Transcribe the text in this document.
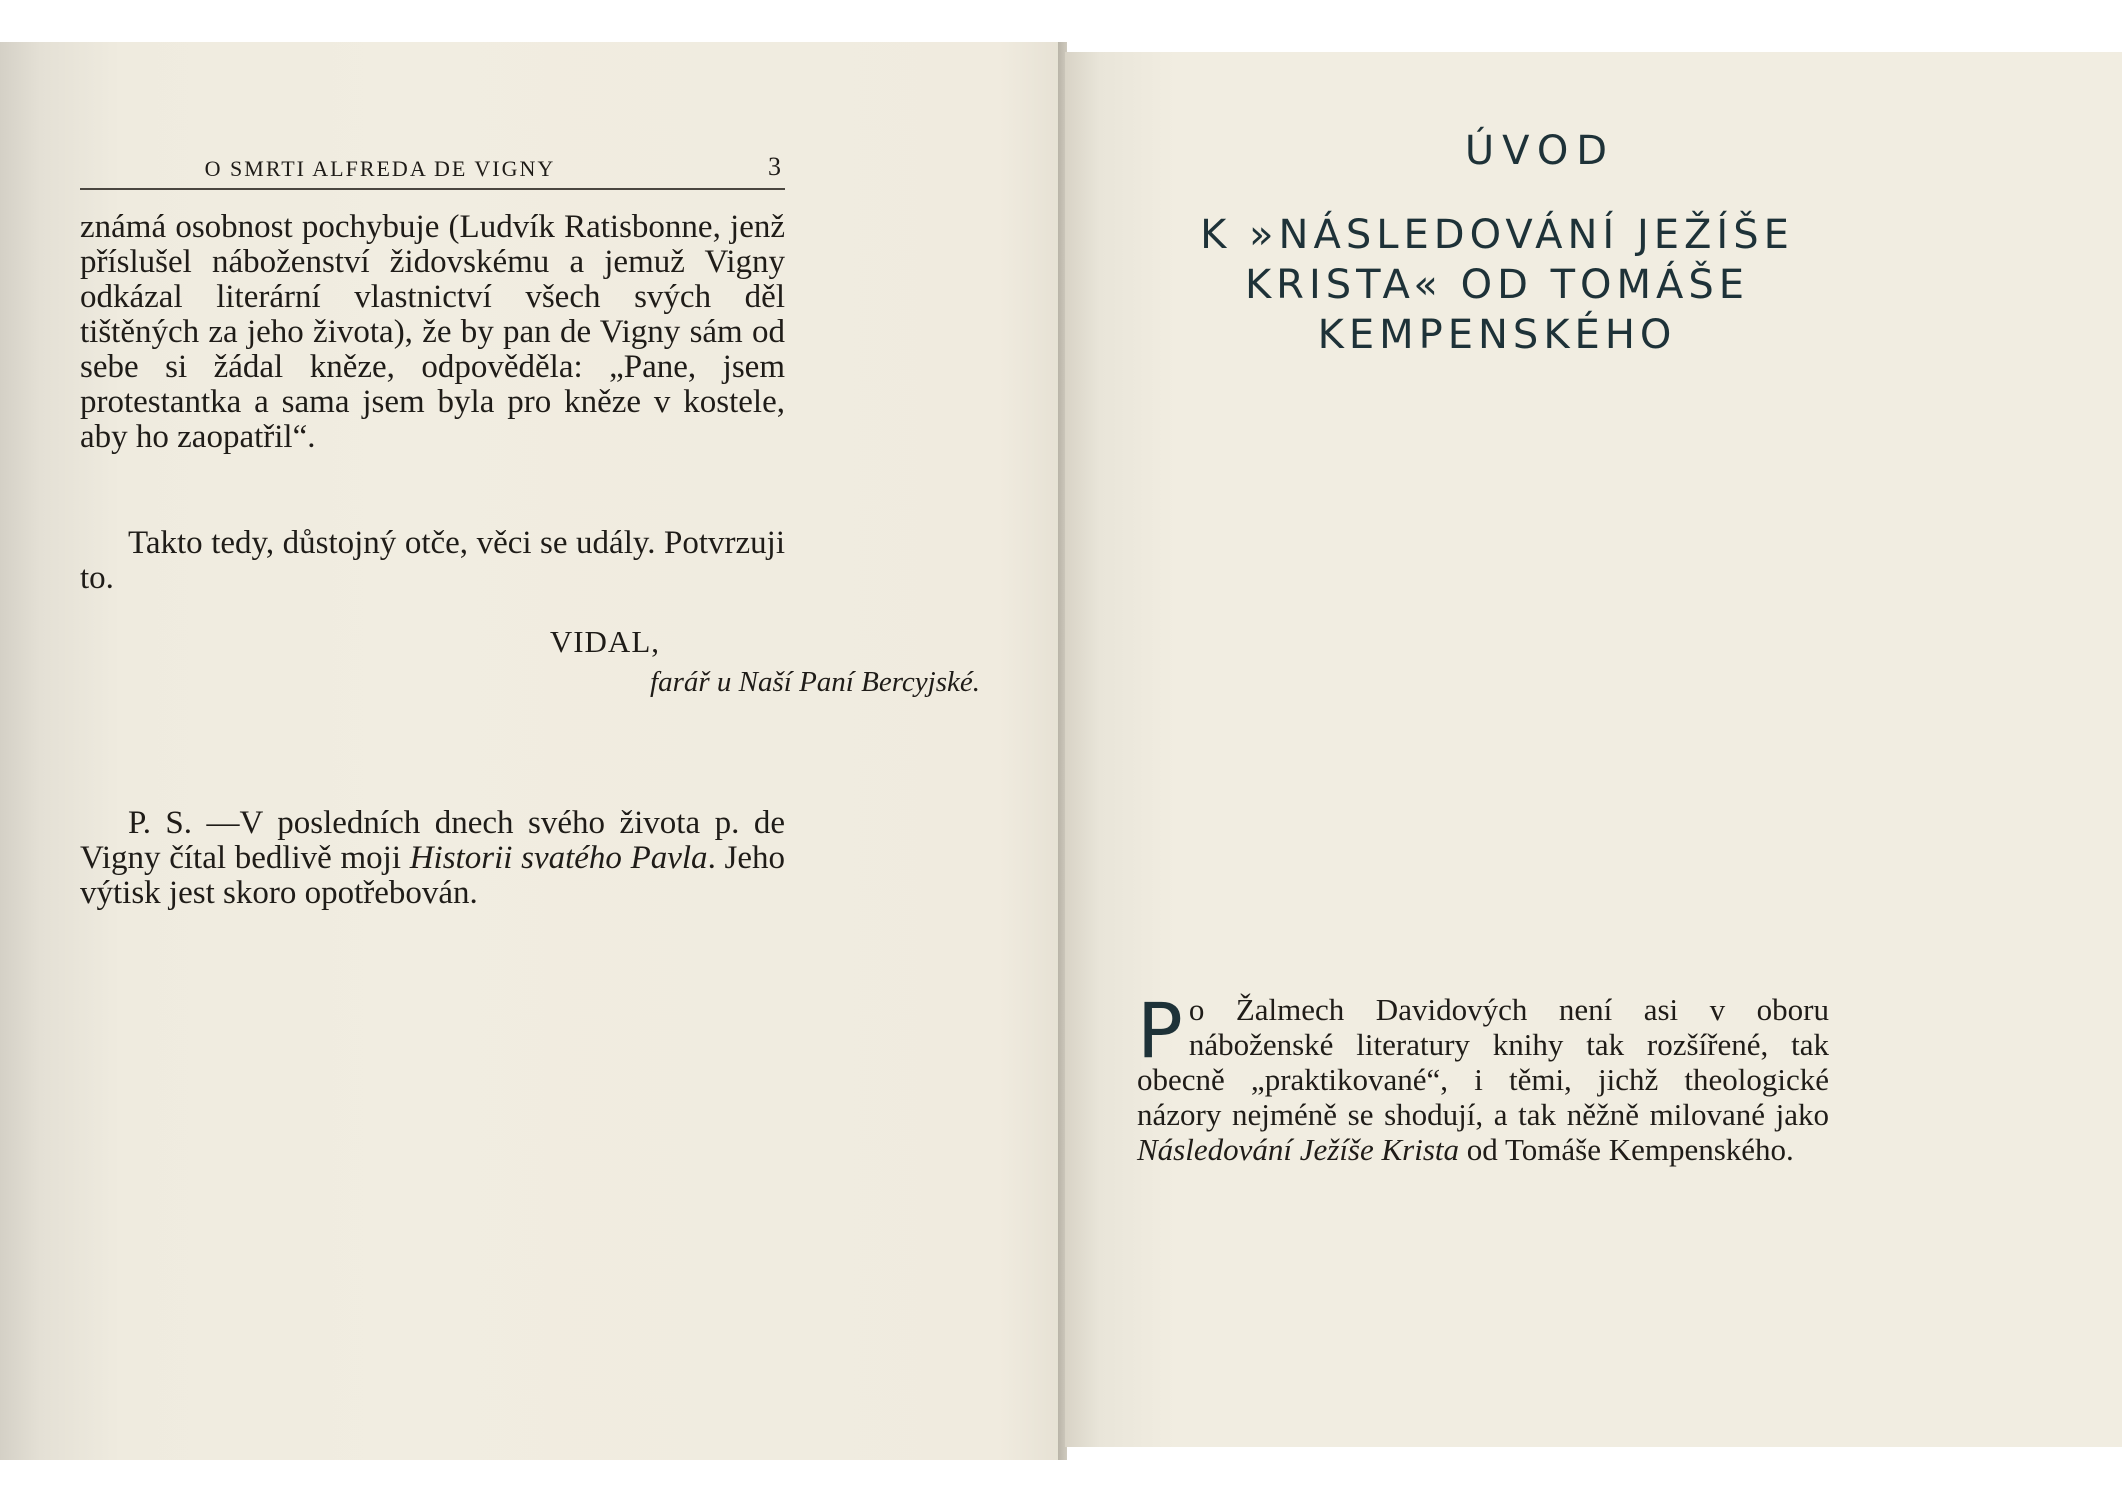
O SMRTI ALFREDA DE VIGNY	3

známá osobnost pochybuje (Ludvík Ratisbonne, jenž příslušel náboženství židovskému a jemuž Vigny odkázal literární vlastnictví všech svých děl tištěných za jeho života), že by pan de Vigny sám od sebe si žádal kněze, odpověděla: „Pane, jsem protestantka a sama jsem byla pro kněze v kostele, aby ho zaopatřil“.

Takto tedy, důstojný otče, věci se udály. Potvrzuji to.

VIDAL,
farář u Naší Paní Bercyjské.

P. S. —V posledních dnech svého života p. de Vigny čítal bedlivě moji Historii svatého Pavla. Jeho výtisk jest skoro opotřebován.

ÚVOD

K »NÁSLEDOVÁNÍ JEŽÍŠE KRISTA« OD TOMÁŠE KEMPENSKÉHO

Po Žalmech Davidových není asi v oboru náboženské literatury knihy tak rozšířené, tak obecně „praktikované“, i těmi, jichž theologické názory nejméně se shodují, a tak něžně milované jako Následování Ježíše Krista od Tomáše Kempenského.
